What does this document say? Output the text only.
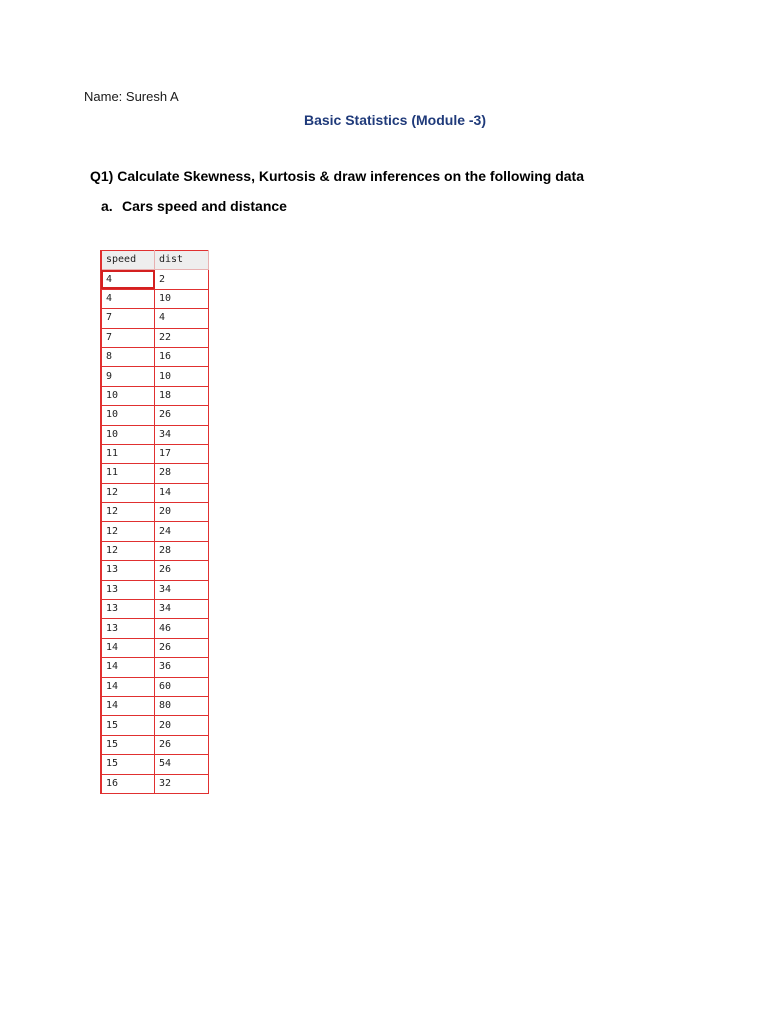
Name: Suresh A
Basic Statistics (Module -3)
Q1) Calculate Skewness, Kurtosis & draw inferences on the following data
a. Cars speed and distance
speed	dist
4	2
4	10
7	4
7	22
8	16
9	10
10	18
10	26
10	34
11	17
11	28
12	14
12	20
12	24
12	28
13	26
13	34
13	34
13	46
14	26
14	36
14	60
14	80
15	20
15	26
15	54
16	32
